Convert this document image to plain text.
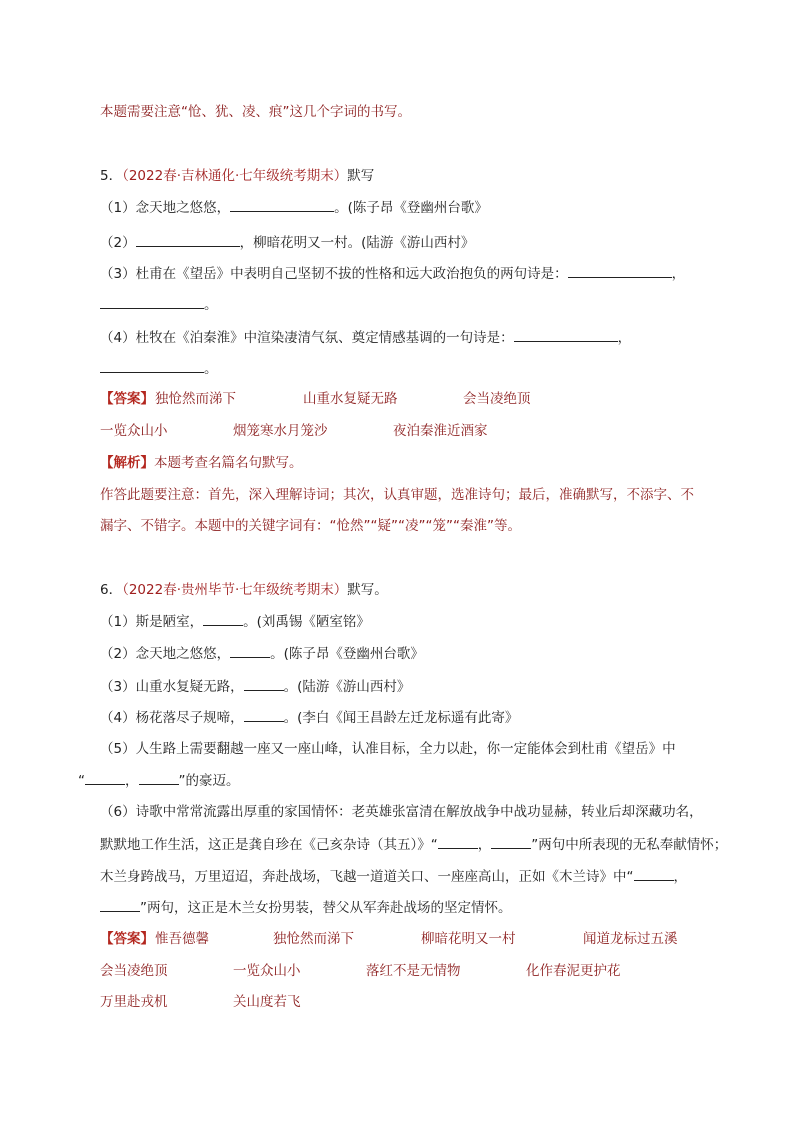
本题需要注意“怆、犹、凌、痕”这几个字词的书写。
5．（2022春·吉林通化·七年级统考期末）默写
（1）念天地之悠悠，	。(陈子昂《登幽州台歌》
（2）	，柳暗花明又一村。(陆游《游山西村》
（3）杜甫在《望岳》中表明自己坚韧不拔的性格和远大政治抱负的两句诗是：	，
。
（4）杜牧在《泊秦淮》中渲染凄清气氛、奠定情感基调的一句诗是：	，
。
【答案】 独怆然而涕下	山重水复疑无路	会当凌绝顶
一览众山小	烟笼寒水月笼沙	夜泊秦淮近酒家
【解析】本题考查名篇名句默写。
作答此题要注意：首先，深入理解诗词；其次，认真审题，选准诗句；最后，准确默写，不添字、不
漏字、不错字。本题中的关键字词有：“怆然”“疑”“凌”“笼”“秦淮”等。
6．（2022春·贵州毕节·七年级统考期末）默写。
（1）斯是陋室，	。(刘禹锡《陋室铭》
（2）念天地之悠悠，	。(陈子昂《登幽州台歌》
（3）山重水复疑无路，	。(陆游《游山西村》
（4）杨花落尽子规啼，	。(李白《闻王昌龄左迁龙标遥有此寄》
（5）人生路上需要翻越一座又一座山峰，认准目标，全力以赴，你一定能体会到杜甫《望岳》中
“	，	”的豪迈。
（6）诗歌中常常流露出厚重的家国情怀：老英雄张富清在解放战争中战功显赫，转业后却深藏功名，
默默地工作生活，这正是龚自珍在《己亥杂诗（其五）》“	，	”两句中所表现的无私奉献情怀；
木兰身跨战马，万里迢迢，奔赴战场，飞越一道道关口、一座座高山，正如《木兰诗》中“	，
”两句，这正是木兰女扮男装，替父从军奔赴战场的坚定情怀。
【答案】 惟吾德馨	独怆然而涕下	柳暗花明又一村	闻道龙标过五溪
会当凌绝顶	一览众山小	落红不是无情物	化作春泥更护花
万里赴戎机	关山度若飞
